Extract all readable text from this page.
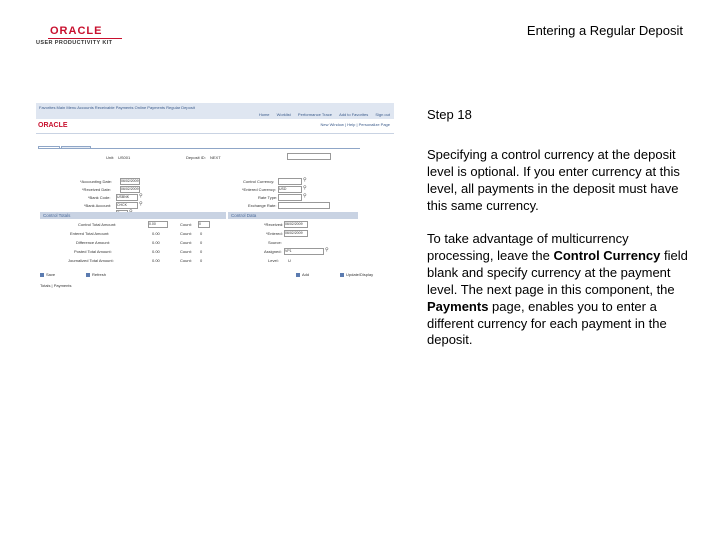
ORACLE
USER PRODUCTIVITY KIT
Entering a Regular Deposit
Favorites Main Menu Accounts Receivable Payments Online Payments Regular Deposit
Home Worklist Performance Trace Add to Favorites Sign out
ORACLE	New Window | Help | Personalize Page
Unit: US001	Deposit ID: NEXT
*Accounting Date:	06/02/2009
*Received Date:	06/02/2009
*Bank Code: USBNK	⚲
*Bank Account: CHCK	⚲
Control Currency:	⚲
*Entered Currency: USD	⚲
Rate Type:	⚲
Exchange Rate:
Control Totals	Control Data
Control Total Amount:	0.00	Count: 0
Entered Total Amount:	0.00	Count: 0
Difference Amount:	0.00	Count: 0
Posted Total Amount:	0.00	Count: 0
Journalized Total Amount:	0.00	Count: 0
*Received: 06/02/2009
*Entered: 06/02/2009
Source:
Assigned: VP1	⚲
Level: U
Save	Refresh	Add	Update/Display
Totals | Payments
Step 18
Specifying a control currency at the deposit level is optional. If you enter currency at this level, all payments in the deposit must have this same currency.
To take advantage of multicurrency processing, leave the Control Currency field blank and specify currency at the payment level. The next page in this component, the Payments page, enables you to enter a different currency for each payment in the deposit.
